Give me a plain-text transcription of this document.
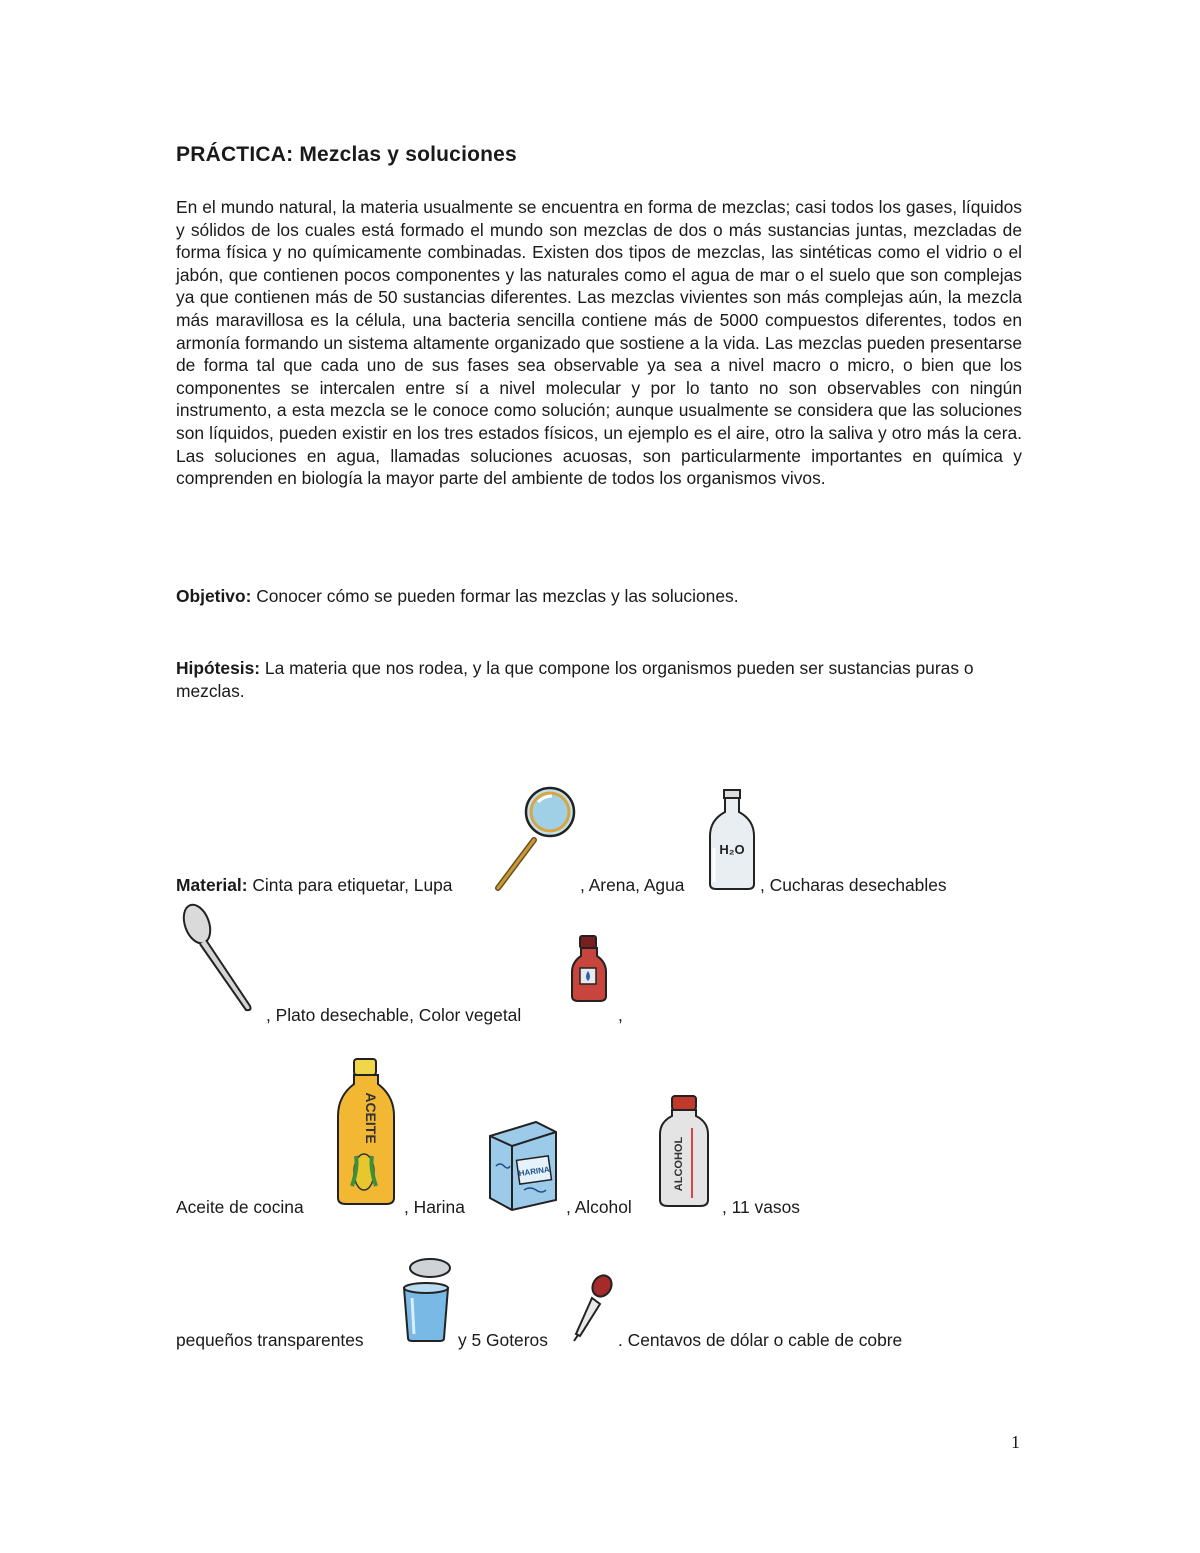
PRÁCTICA: Mezclas y soluciones

En el mundo natural, la materia usualmente se encuentra en forma de mezclas; casi todos los gases, líquidos y sólidos de los cuales está formado el mundo son mezclas de dos o más sustancias juntas, mezcladas de forma física y no químicamente combinadas. Existen dos tipos de mezclas, las sintéticas como el vidrio o el jabón, que contienen pocos componentes y las naturales como el agua de mar o el suelo que son complejas ya que contienen más de 50 sustancias diferentes. Las mezclas vivientes son más complejas aún, la mezcla más maravillosa es la célula, una bacteria sencilla contiene más de 5000 compuestos diferentes, todos en armonía formando un sistema altamente organizado que sostiene a la vida. Las mezclas pueden presentarse de forma tal que cada uno de sus fases sea observable ya sea a nivel macro o micro, o bien que los componentes se intercalen entre sí a nivel molecular y por lo tanto no son observables con ningún instrumento, a esta mezcla se le conoce como solución; aunque usualmente se considera que las soluciones son líquidos, pueden existir en los tres estados físicos, un ejemplo es el aire, otro la saliva y otro más la cera. Las soluciones en agua, llamadas soluciones acuosas, son particularmente importantes en química y comprenden en biología la mayor parte del ambiente de todos los organismos vivos.

Objetivo: Conocer cómo se pueden formar las mezclas y las soluciones.

Hipótesis: La materia que nos rodea, y la que compone los organismos pueden ser sustancias puras o mezclas.

Material: Cinta para etiquetar, Lupa	, Arena, Agua
H₂O
, Cucharas desechables
, Plato desechable, Color vegetal	,
Aceite de cocina
ACEITE
, Harina
HARINA
, Alcohol
ALCOHOL
, 11 vasos
pequeños transparentes	y 5 Goteros	. Centavos de dólar o cable de cobre
1
